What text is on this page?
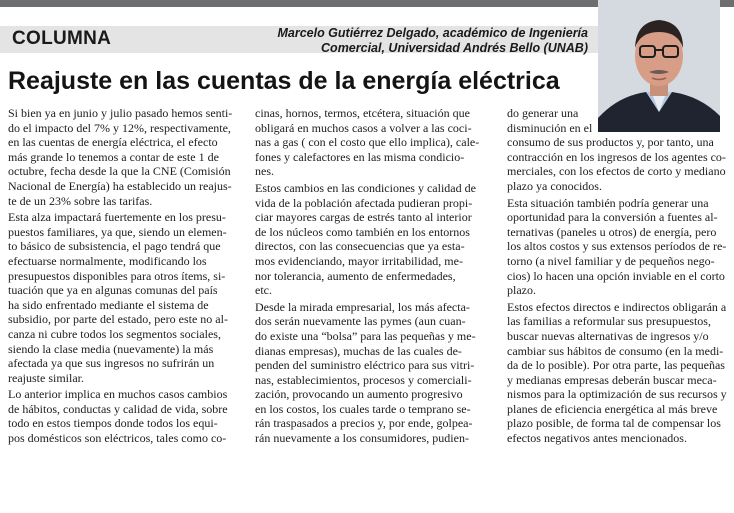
COLUMNA	Marcelo Gutiérrez Delgado, académico de Ingeniería
Comercial, Universidad Andrés Bello (UNAB)
Reajuste en las cuentas de la energía eléctrica

Si bien ya en junio y julio pasado hemos senti-
do el impacto del 7% y 12%, respectivamente,
en las cuentas de energía eléctrica, el efecto
más grande lo tenemos a contar de este 1 de
octubre, fecha desde la que la CNE (Comisión
Nacional de Energía) ha establecido un reajus-
te de un 23% sobre las tarifas.

Esta alza impactará fuertemente en los presu-
puestos familiares, ya que, siendo un elemen-
to básico de subsistencia, el pago tendrá que
efectuarse normalmente, modificando los
presupuestos disponibles para otros ítems, si-
tuación que ya en algunas comunas del país
ha sido enfrentado mediante el sistema de
subsidio, por parte del estado, pero este no al-
canza ni cubre todos los segmentos sociales,
siendo la clase media (nuevamente) la más
afectada ya que sus ingresos no sufrirán un
reajuste similar.

Lo anterior implica en muchos casos cambios
de hábitos, conductas y calidad de vida, sobre
todo en estos tiempos donde todos los equi-
pos domésticos son eléctricos, tales como co-

cinas, hornos, termos, etcétera, situación que
obligará en muchos casos a volver a las coci-
nas a gas ( con el costo que ello implica), cale-
fones y calefactores en las misma condicio-
nes.

Estos cambios en las condiciones y calidad de
vida de la población afectada pudieran propi-
ciar mayores cargas de estrés tanto al interior
de los núcleos como también en los entornos
directos, con las consecuencias que ya esta-
mos evidenciando, mayor irritabilidad, me-
nor tolerancia, aumento de enfermedades,
etc.

Desde la mirada empresarial, los más afecta-
dos serán nuevamente las pymes (aun cuan-
do existe una “bolsa” para las pequeñas y me-
dianas empresas), muchas de las cuales de-
penden del suministro eléctrico para sus vitri-
nas, establecimientos, procesos y comerciali-
zación, provocando un aumento progresivo
en los costos, los cuales tarde o temprano se-
rán traspasados a precios y, por ende, golpea-
rán nuevamente a los consumidores, pudien-

do generar una
disminución en el
consumo de sus productos y, por tanto, una
contracción en los ingresos de los agentes co-
merciales, con los efectos de corto y mediano
plazo ya conocidos.

Esta situación también podría generar una
oportunidad para la conversión a fuentes al-
ternativas (paneles u otros) de energía, pero
los altos costos y sus extensos períodos de re-
torno (a nivel familiar y de pequeños nego-
cios) lo hacen una opción inviable en el corto
plazo.

Estos efectos directos e indirectos obligarán a
las familias a reformular sus presupuestos,
buscar nuevas alternativas de ingresos y/o
cambiar sus hábitos de consumo (en la medi-
da de lo posible). Por otra parte, las pequeñas
y medianas empresas deberán buscar meca-
nismos para la optimización de sus recursos y
planes de eficiencia energética al más breve
plazo posible, de forma tal de compensar los
efectos negativos antes mencionados.
